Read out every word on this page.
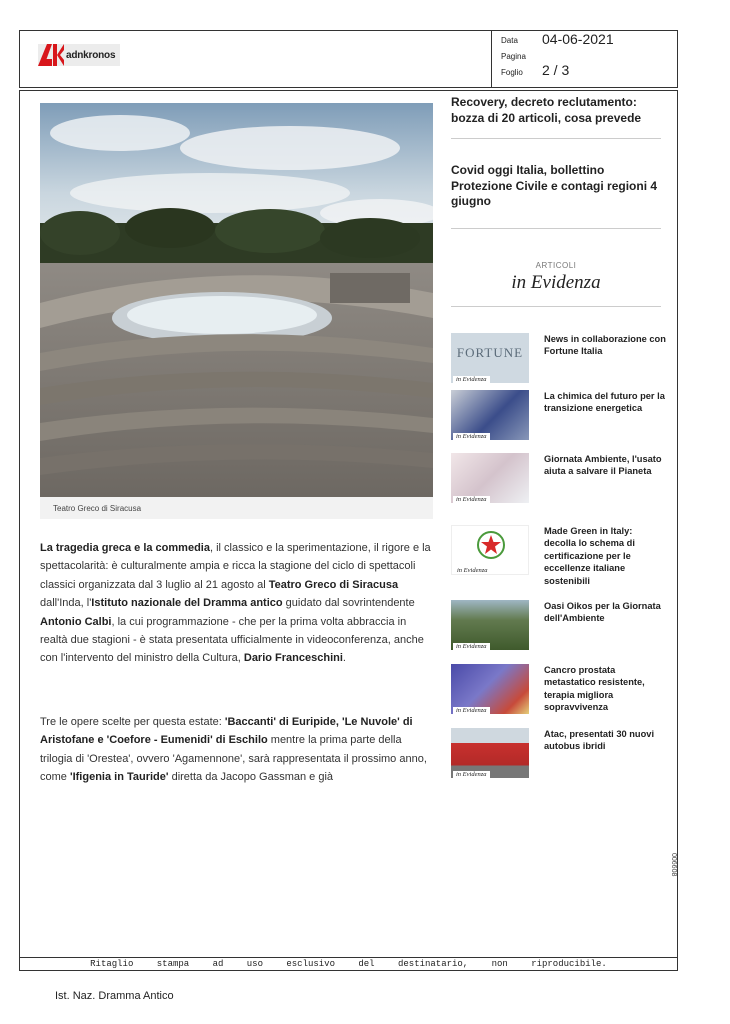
adnkronos
Data 04-06-2021
Pagina
Foglio 2 / 3
Teatro Greco di Siracusa

La tragedia greca e la commedia, il classico e la sperimentazione, il rigore e la spettacolarità: è culturalmente ampia e ricca la stagione del ciclo di spettacoli classici organizzata dal 3 luglio al 21 agosto al Teatro Greco di Siracusa dall'Inda, l'Istituto nazionale del Dramma antico guidato dal sovrintendente Antonio Calbi, la cui programmazione - che per la prima volta abbraccia in realtà due stagioni - è stata presentata ufficialmente in videoconferenza, anche con l'intervento del ministro della Cultura, Dario Franceschini.

Tre le opere scelte per questa estate: 'Baccanti' di Euripide, 'Le Nuvole' di Aristofane e 'Coefore - Eumenidi' di Eschilo mentre la prima parte della trilogia di 'Orestea', ovvero 'Agamennone', sarà rappresentata il prossimo anno, come 'Ifigenia in Tauride' diretta da Jacopo Gassman e già

Recovery, decreto reclutamento: bozza di 20 articoli, cosa prevede
Covid oggi Italia, bollettino Protezione Civile e contagi regioni 4 giugno
ARTICOLI
in Evidenza
FORTUNE
in Evidenza
News in collaborazione con Fortune Italia
in Evidenza
La chimica del futuro per la transizione energetica
in Evidenza
Giornata Ambiente, l'usato aiuta a salvare il Pianeta
in Evidenza
Made Green in Italy: decolla lo schema di certificazione per le eccellenze italiane sostenibili
in Evidenza
Oasi Oikos per la Giornata dell'Ambiente
in Evidenza
Cancro prostata metastatico resistente, terapia migliora sopravvivenza
in Evidenza
Atac, presentati 30 nuovi autobus ibridi
Ritaglio stampa ad uso esclusivo del destinatario, non riproducibile.
006608
Ist. Naz. Dramma Antico
